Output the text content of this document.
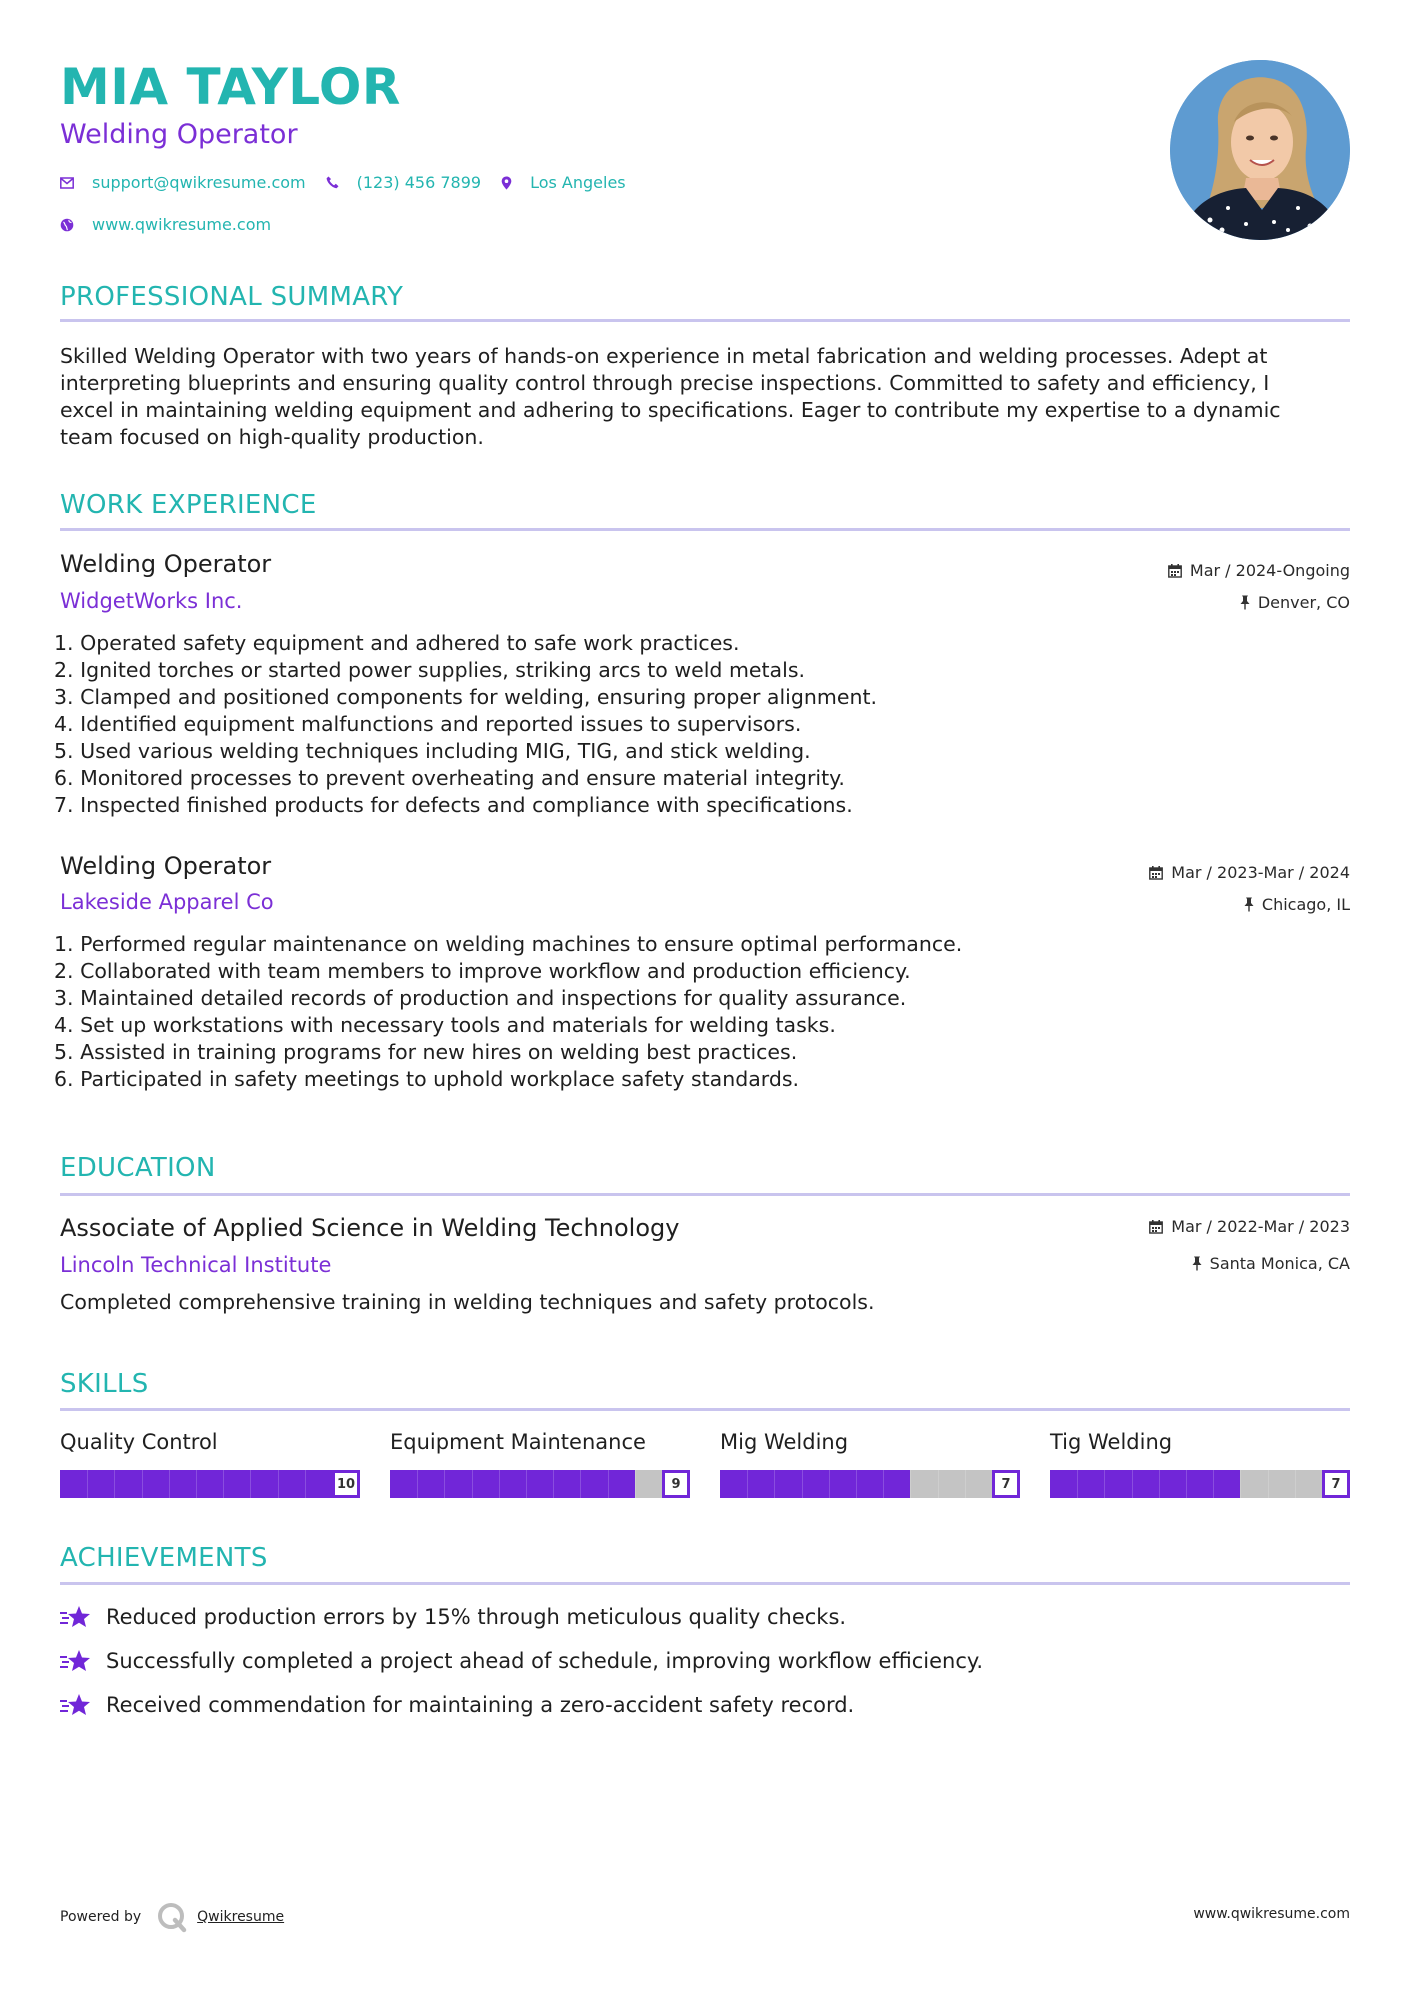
MIA TAYLOR
Welding Operator
support@qwikresume.com	(123) 456 7899	Los Angeles
www.qwikresume.com
PROFESSIONAL SUMMARY
Skilled Welding Operator with two years of hands-on experience in metal fabrication and welding processes. Adept at
interpreting blueprints and ensuring quality control through precise inspections. Committed to safety and efficiency, I
excel in maintaining welding equipment and adhering to specifications. Eager to contribute my expertise to a dynamic
team focused on high-quality production.
WORK EXPERIENCE
Welding Operator
WidgetWorks Inc.
Mar / 2024-Ongoing
Denver, CO
1. Operated safety equipment and adhered to safe work practices.
2. Ignited torches or started power supplies, striking arcs to weld metals.
3. Clamped and positioned components for welding, ensuring proper alignment.
4. Identified equipment malfunctions and reported issues to supervisors.
5. Used various welding techniques including MIG, TIG, and stick welding.
6. Monitored processes to prevent overheating and ensure material integrity.
7. Inspected finished products for defects and compliance with specifications.
Welding Operator
Lakeside Apparel Co
Mar / 2023-Mar / 2024
Chicago, IL
1. Performed regular maintenance on welding machines to ensure optimal performance.
2. Collaborated with team members to improve workflow and production efficiency.
3. Maintained detailed records of production and inspections for quality assurance.
4. Set up workstations with necessary tools and materials for welding tasks.
5. Assisted in training programs for new hires on welding best practices.
6. Participated in safety meetings to uphold workplace safety standards.
EDUCATION
Associate of Applied Science in Welding Technology
Lincoln Technical Institute
Mar / 2022-Mar / 2023
Santa Monica, CA
Completed comprehensive training in welding techniques and safety protocols.
SKILLS
Quality Control
10
Equipment Maintenance
9
Mig Welding
7
Tig Welding
7
ACHIEVEMENTS
Reduced production errors by 15% through meticulous quality checks.
Successfully completed a project ahead of schedule, improving workflow efficiency.
Received commendation for maintaining a zero-accident safety record.
Powered by	Qwikresume	www.qwikresume.com
